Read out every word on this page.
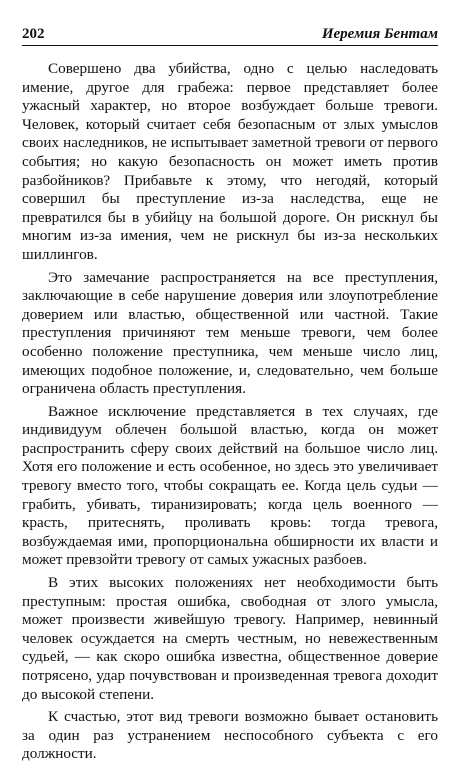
202	Иеремия Бентам

Совершено два убийства, одно с целью наследовать имение, другое для грабежа: первое представляет более ужасный характер, но второе возбуждает больше тревоги. Человек, который считает себя безопасным от злых умыслов своих наследников, не испытывает заметной тревоги от первого события; но какую безопасность он может иметь против разбойников? Прибавьте к этому, что негодяй, который совершил бы преступление из-за наследства, еще не превратился бы в убийцу на большой дороге. Он рискнул бы многим из-за имения, чем не рискнул бы из-за нескольких шиллингов.

Это замечание распространяется на все преступления, заключающие в себе нарушение доверия или злоупотребление доверием или властью, общественной или частной. Такие преступления причиняют тем меньше тревоги, чем более особенно положение преступника, чем меньше число лиц, имеющих подобное положение, и, следовательно, чем больше ограничена область преступления.

Важное исключение представляется в тех случаях, где индивидуум облечен большой властью, когда он может распространить сферу своих действий на большое число лиц. Хотя его положение и есть особенное, но здесь это увеличивает тревогу вместо того, чтобы сокращать ее. Когда цель судьи — грабить, убивать, тиранизировать; когда цель военного — красть, притеснять, проливать кровь: тогда тревога, возбуждаемая ими, пропорциональна обширности их власти и может превзойти тревогу от самых ужасных разбоев.

В этих высоких положениях нет необходимости быть преступным: простая ошибка, свободная от злого умысла, может произвести живейшую тревогу. Например, невинный человек осуждается на смерть честным, но невежественным судьей, — как скоро ошибка известна, общественное доверие потрясено, удар почувствован и произведенная тревога доходит до высокой степени.

К счастью, этот вид тревоги возможно бывает остановить за один раз устранением неспособного субъекта с его должности.
